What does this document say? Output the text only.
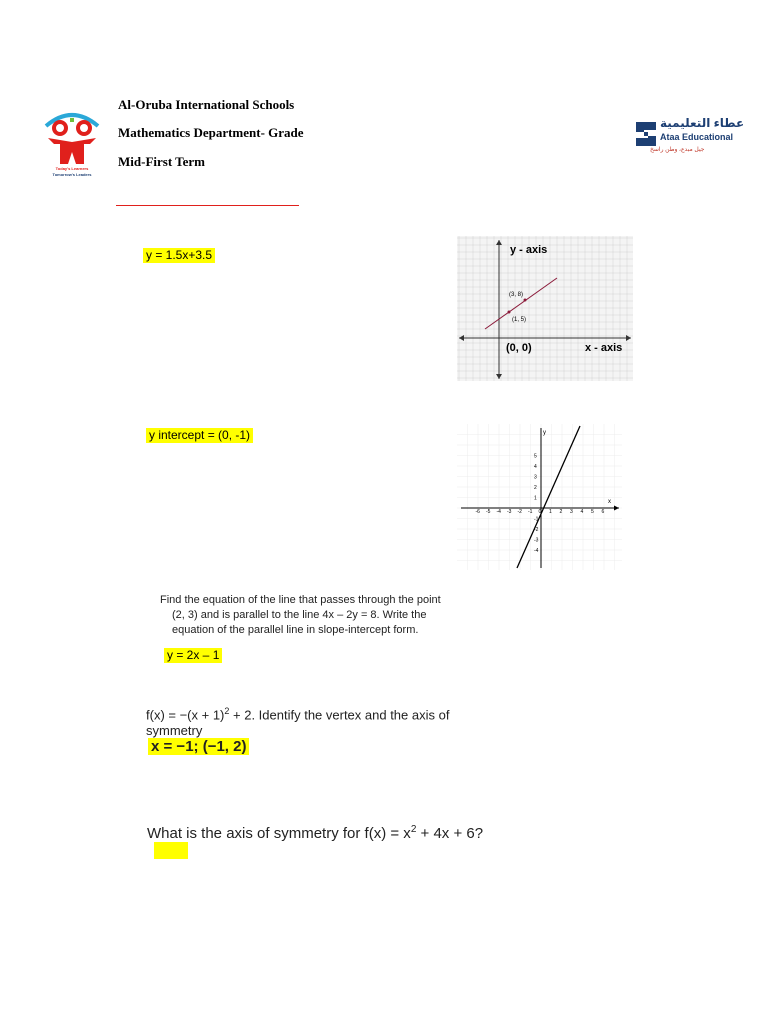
Today's Learners
Tomorrow's Leaders
Al-Oruba International Schools
Mathematics Department- Grade
Mid-First Term
عطاء التعليمية
Ataa Educational
جيل مبدع، وطن راسخ
y = 1.5x+3.5	y - axis
(0, 0)	x - axis
(3, 8)
(1, 5)
y intercept = (0, -1)
x
y
-6 -5 -4 -3 -2 -1 0 1 2 3 4 5 6
5
4
3
2
1
-1
-2
-3
-4
Find the equation of the line that passes through the point
(2, 3) and is parallel to the line 4x – 2y = 8. Write the
equation of the parallel line in slope-intercept form.
y = 2x – 1
$f(x) = -(x + 1)^2 + 2$. Identify the vertex and the axis of
symmetry
x = −1; (−1, 2)
What is the axis of symmetry for $f(x) = x^2 + 4x + 6$?
